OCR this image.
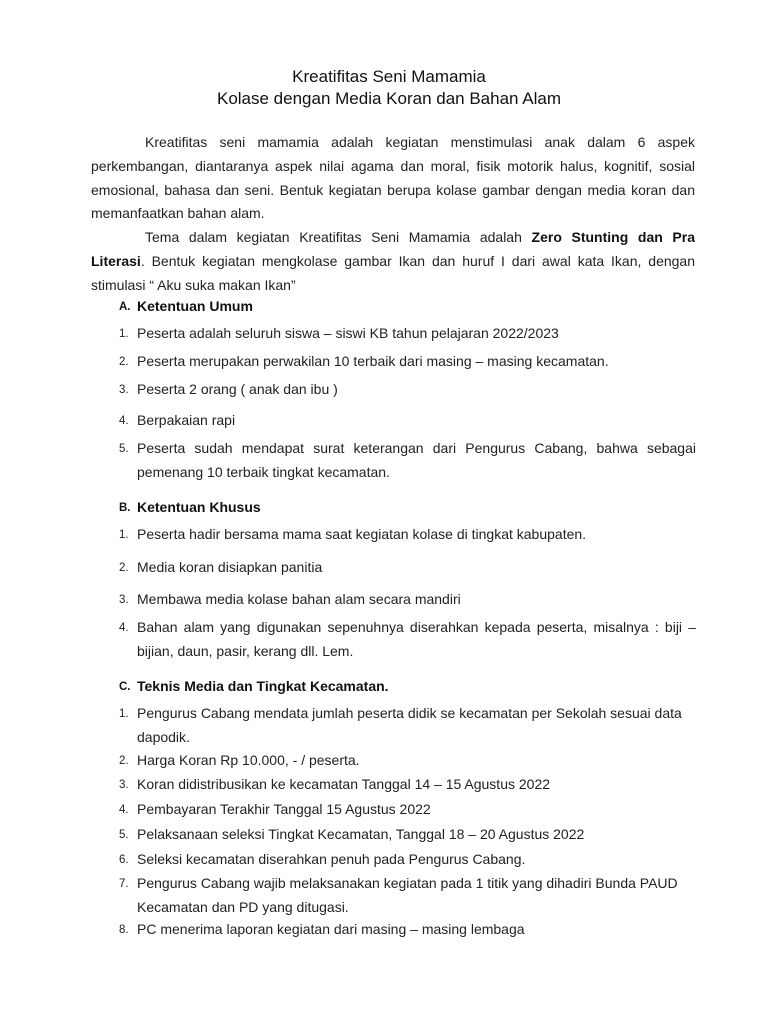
Kreatifitas Seni Mamamia
Kolase dengan Media Koran dan Bahan Alam
Kreatifitas seni mamamia adalah kegiatan menstimulasi anak dalam 6 aspek perkembangan, diantaranya aspek nilai agama dan moral, fisik motorik halus, kognitif, sosial emosional, bahasa dan seni. Bentuk kegiatan berupa kolase gambar dengan media koran dan memanfaatkan bahan alam.
Tema dalam kegiatan Kreatifitas Seni Mamamia adalah Zero Stunting dan Pra Literasi. Bentuk kegiatan mengkolase gambar Ikan dan huruf I dari awal kata Ikan, dengan stimulasi “ Aku suka makan Ikan”
A. Ketentuan Umum
1. Peserta adalah seluruh siswa – siswi KB tahun pelajaran 2022/2023
2. Peserta merupakan perwakilan 10 terbaik dari masing – masing kecamatan.
3. Peserta 2 orang ( anak dan ibu )
4. Berpakaian rapi
5. Peserta sudah mendapat surat keterangan dari Pengurus Cabang, bahwa sebagai pemenang 10 terbaik tingkat kecamatan.
B. Ketentuan Khusus
1. Peserta hadir bersama mama saat kegiatan kolase di tingkat kabupaten.
2. Media koran disiapkan panitia
3. Membawa media kolase bahan alam secara mandiri
4. Bahan alam yang digunakan sepenuhnya diserahkan kepada peserta, misalnya : biji – bijian, daun, pasir, kerang dll. Lem.
C. Teknis Media dan Tingkat Kecamatan.
1. Pengurus Cabang mendata jumlah peserta didik se kecamatan per Sekolah sesuai data dapodik.
2. Harga Koran Rp 10.000, - / peserta.
3. Koran didistribusikan ke kecamatan Tanggal 14 – 15 Agustus 2022
4. Pembayaran Terakhir Tanggal 15 Agustus 2022
5. Pelaksanaan seleksi Tingkat Kecamatan, Tanggal 18 – 20 Agustus 2022
6. Seleksi kecamatan diserahkan penuh pada Pengurus Cabang.
7. Pengurus Cabang wajib melaksanakan kegiatan pada 1 titik yang dihadiri Bunda PAUD Kecamatan dan PD yang ditugasi.
8. PC menerima laporan kegiatan dari masing – masing lembaga
